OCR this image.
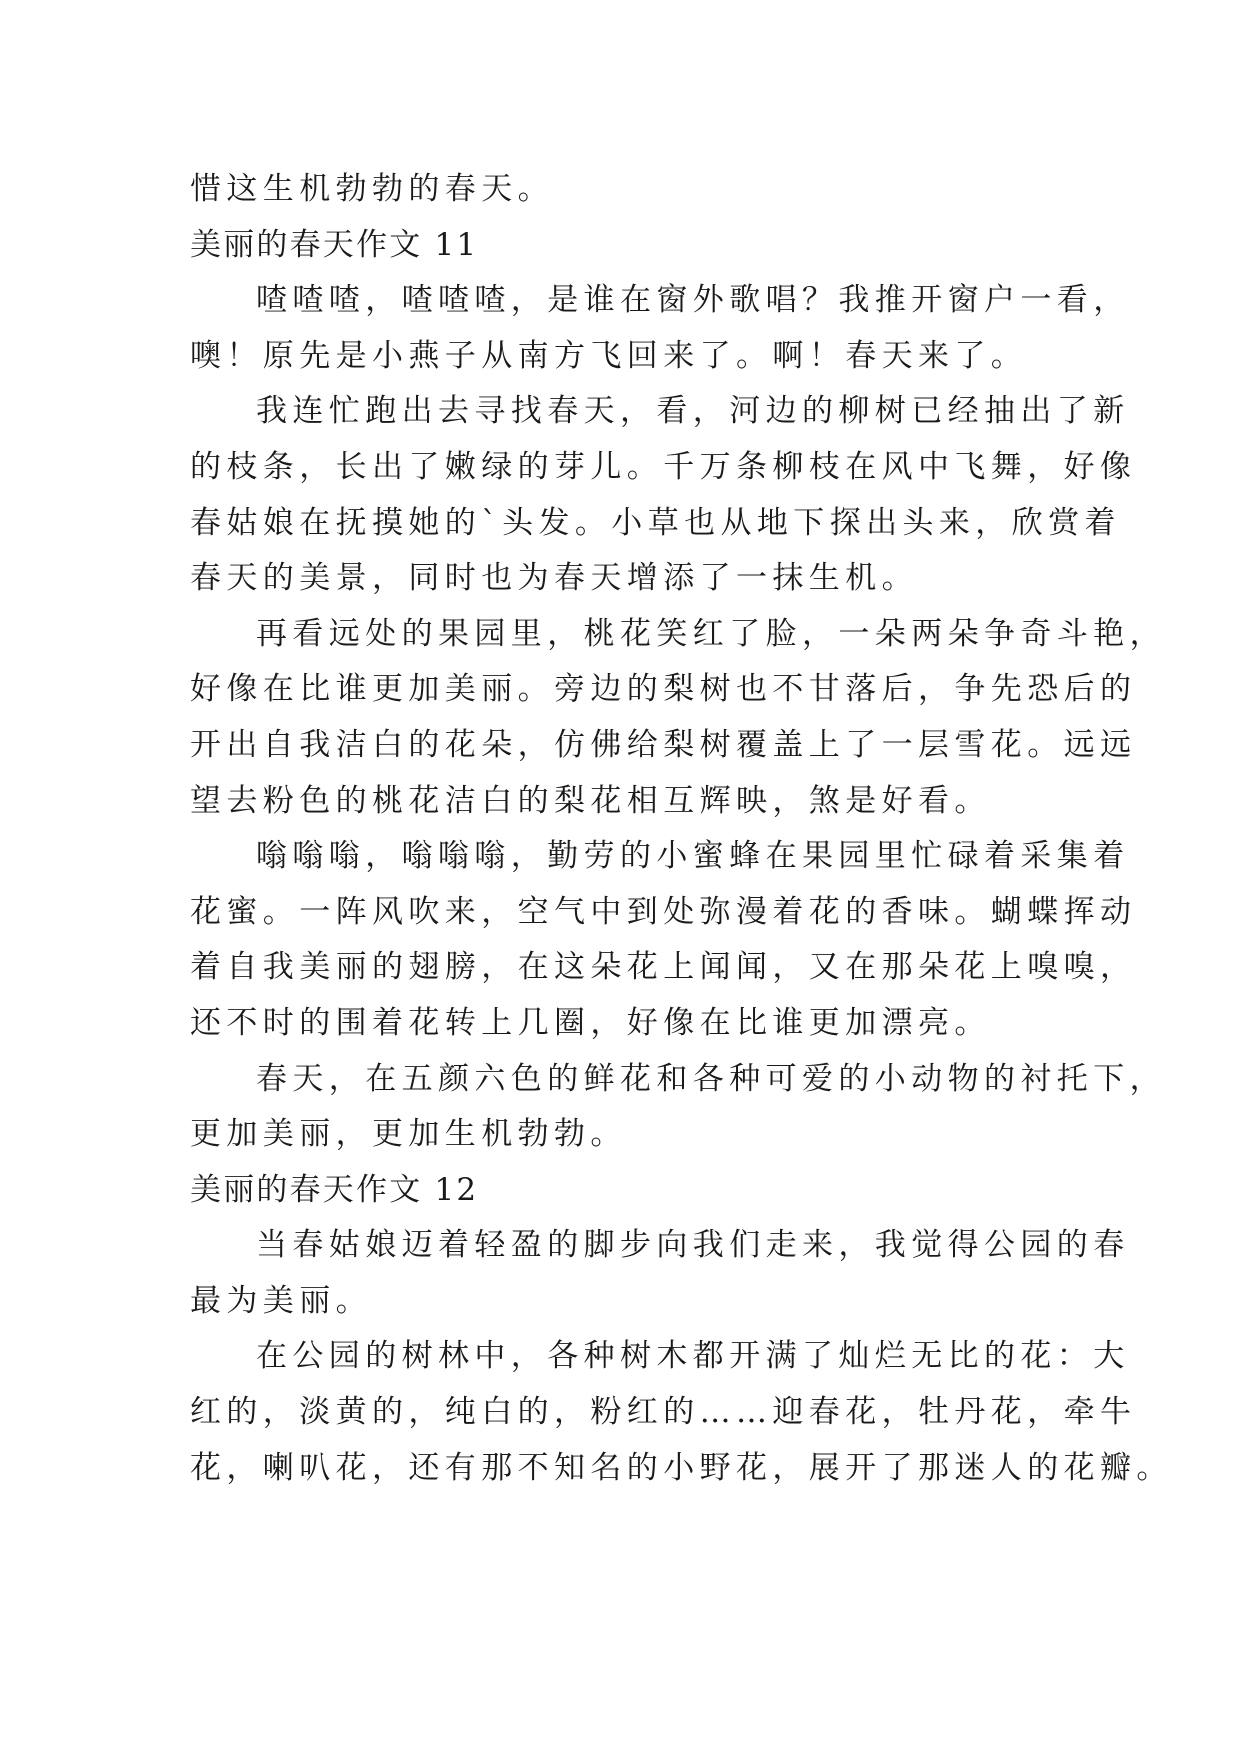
惜这生机勃勃的春天。
美丽的春天作文 11
喳喳喳，喳喳喳，是谁在窗外歌唱？我推开窗户一看，
噢！原先是小燕子从南方飞回来了。啊！春天来了。
我连忙跑出去寻找春天，看，河边的柳树已经抽出了新
的枝条，长出了嫩绿的芽儿。千万条柳枝在风中飞舞，好像
春姑娘在抚摸她的`头发。小草也从地下探出头来，欣赏着
春天的美景，同时也为春天增添了一抹生机。
再看远处的果园里，桃花笑红了脸，一朵两朵争奇斗艳，
好像在比谁更加美丽。旁边的梨树也不甘落后，争先恐后的
开出自我洁白的花朵，仿佛给梨树覆盖上了一层雪花。远远
望去粉色的桃花洁白的梨花相互辉映，煞是好看。
嗡嗡嗡，嗡嗡嗡，勤劳的小蜜蜂在果园里忙碌着采集着
花蜜。一阵风吹来，空气中到处弥漫着花的香味。蝴蝶挥动
着自我美丽的翅膀，在这朵花上闻闻，又在那朵花上嗅嗅，
还不时的围着花转上几圈，好像在比谁更加漂亮。
春天，在五颜六色的鲜花和各种可爱的小动物的衬托下，
更加美丽，更加生机勃勃。
美丽的春天作文 12
当春姑娘迈着轻盈的脚步向我们走来，我觉得公园的春
最为美丽。
在公园的树林中，各种树木都开满了灿烂无比的花：大
红的，淡黄的，纯白的，粉红的……迎春花，牡丹花，牵牛
花，喇叭花，还有那不知名的小野花，展开了那迷人的花瓣。
